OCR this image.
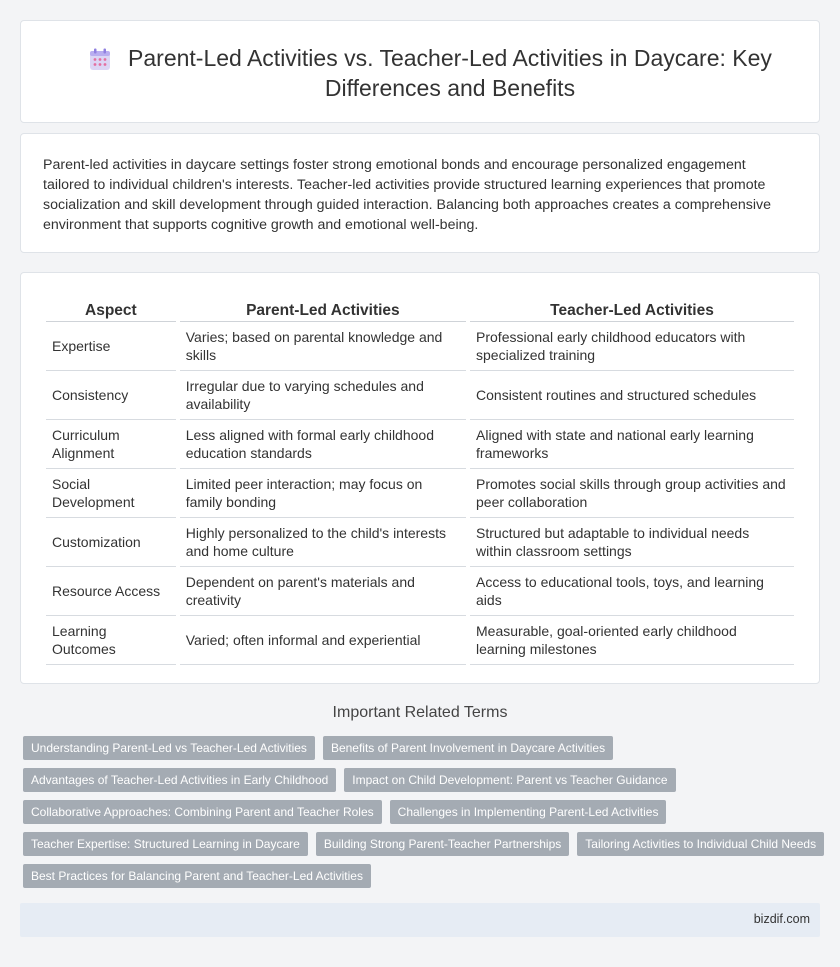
Parent-Led Activities vs. Teacher-Led Activities in Daycare: Key Differences and Benefits

Parent-led activities in daycare settings foster strong emotional bonds and encourage personalized engagement tailored to individual children's interests. Teacher-led activities provide structured learning experiences that promote socialization and skill development through guided interaction. Balancing both approaches creates a comprehensive environment that supports cognitive growth and emotional well-being.

Aspect	Parent-Led Activities	Teacher-Led Activities
Expertise	Varies; based on parental knowledge and skills	Professional early childhood educators with specialized training
Consistency	Irregular due to varying schedules and availability	Consistent routines and structured schedules
Curriculum Alignment	Less aligned with formal early childhood education standards	Aligned with state and national early learning frameworks
Social Development	Limited peer interaction; may focus on family bonding	Promotes social skills through group activities and peer collaboration
Customization	Highly personalized to the child's interests and home culture	Structured but adaptable to individual needs within classroom settings
Resource Access	Dependent on parent's materials and creativity	Access to educational tools, toys, and learning aids
Learning Outcomes	Varied; often informal and experiential	Measurable, goal-oriented early childhood learning milestones
Important Related Terms
Understanding Parent-Led vs Teacher-Led Activities	Benefits of Parent Involvement in Daycare Activities
Advantages of Teacher-Led Activities in Early Childhood	Impact on Child Development: Parent vs Teacher Guidance
Collaborative Approaches: Combining Parent and Teacher Roles	Challenges in Implementing Parent-Led Activities
Teacher Expertise: Structured Learning in Daycare	Building Strong Parent-Teacher Partnerships	Tailoring Activities to Individual Child Needs
Best Practices for Balancing Parent and Teacher-Led Activities
bizdif.com
